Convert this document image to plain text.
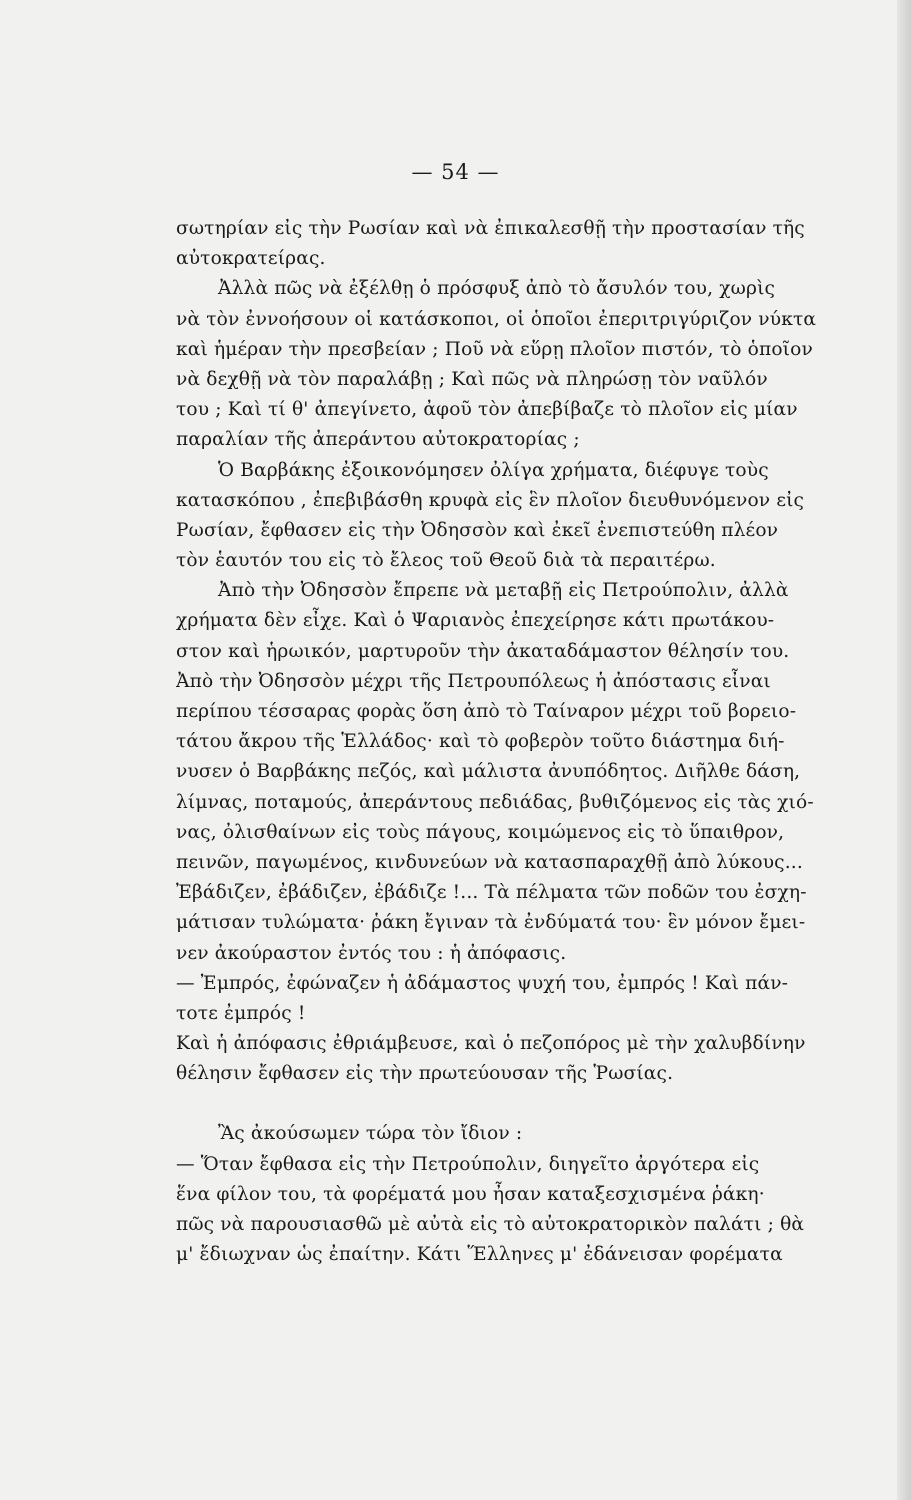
— 54 —
σωτηρίαν εἰς τὴν Ρωσίαν καὶ νὰ ἐπικαλεσθῇ τὴν προστασίαν τῆς
αὐτοκρατείρας.
Ἀλλὰ πῶς νὰ ἐξέλθῃ ὁ πρόσφυξ ἀπὸ τὸ ἄσυλόν του, χωρὶς
νὰ τὸν ἐννοήσουν οἱ κατάσκοποι, οἱ ὁποῖοι ἐπεριτριγύριζον νύκτα
καὶ ἡμέραν τὴν πρεσβείαν ; Ποῦ νὰ εὕρῃ πλοῖον πιστόν, τὸ ὁποῖον
νὰ δεχθῇ νὰ τὸν παραλάβῃ ; Καὶ πῶς νὰ πληρώσῃ τὸν ναῦλόν
του ; Καὶ τί θ' ἀπεγίνετο, ἀφοῦ τὸν ἀπεβίβαζε τὸ πλοῖον εἰς μίαν
παραλίαν τῆς ἀπεράντου αὐτοκρατορίας ;
Ὁ Βαρβάκης ἐξοικονόμησεν ὀλίγα χρήματα, διέφυγε τοὺς
κατασκόπου , ἐπεβιβάσθη κρυφὰ εἰς ἓν πλοῖον διευθυνόμενον εἰς
Ρωσίαν, ἔφθασεν εἰς τὴν Ὀδησσὸν καὶ ἐκεῖ ἐνεπιστεύθη πλέον
τὸν ἑαυτόν του εἰς τὸ ἔλεος τοῦ Θεοῦ διὰ τὰ περαιτέρω.
Ἀπὸ τὴν Ὀδησσὸν ἔπρεπε νὰ μεταβῇ εἰς Πετρούπολιν, ἀλλὰ
χρήματα δὲν εἶχε. Καὶ ὁ Ψαριανὸς ἐπεχείρησε κάτι πρωτάκου-
στον καὶ ἡρωικόν, μαρτυροῦν τὴν ἀκαταδάμαστον θέλησίν του.
Ἀπὸ τὴν Ὀδησσὸν μέχρι τῆς Πετρουπόλεως ἡ ἀπόστασις εἶναι
περίπου τέσσαρας φορὰς ὅση ἀπὸ τὸ Ταίναρον μέχρι τοῦ βορειο-
τάτου ἄκρου τῆς Ἑλλάδος· καὶ τὸ φοβερὸν τοῦτο διάστημα διή-
νυσεν ὁ Βαρβάκης πεζός, καὶ μάλιστα ἀνυπόδητος. Διῆλθε δάση,
λίμνας, ποταμούς, ἀπεράντους πεδιάδας, βυθιζόμενος εἰς τὰς χιό-
νας, ὀλισθαίνων εἰς τοὺς πάγους, κοιμώμενος εἰς τὸ ὕπαιθρον,
πεινῶν, παγωμένος, κινδυνεύων νὰ κατασπαραχθῇ ἀπὸ λύκους...
Ἐβάδιζεν, ἐβάδιζεν, ἐβάδιζε !... Τὰ πέλματα τῶν ποδῶν του ἐσχη-
μάτισαν τυλώματα· ῥάκη ἔγιναν τὰ ἐνδύματά του· ἓν μόνον ἔμει-
νεν ἀκούραστον ἐντός του : ἡ ἀπόφασις.
— Ἐμπρός, ἐφώναζεν ἡ ἀδάμαστος ψυχή του, ἐμπρός ! Καὶ πάν-
τοτε ἐμπρός !
Καὶ ἡ ἀπόφασις ἐθριάμβευσε, καὶ ὁ πεζοπόρος μὲ τὴν χαλυβδίνην
θέλησιν ἔφθασεν εἰς τὴν πρωτεύουσαν τῆς Ῥωσίας.
Ἂς ἀκούσωμεν τώρα τὸν ἴδιον :
— Ὅταν ἔφθασα εἰς τὴν Πετρούπολιν, διηγεῖτο ἀργότερα εἰς
ἕνα φίλον του, τὰ φορέματά μου ἦσαν καταξεσχισμένα ῥάκη·
πῶς νὰ παρουσιασθῶ μὲ αὐτὰ εἰς τὸ αὐτοκρατορικὸν παλάτι ; θὰ
μ' ἔδιωχναν ὡς ἐπαίτην. Κάτι Ἕλληνες μ' ἐδάνεισαν φορέματα
